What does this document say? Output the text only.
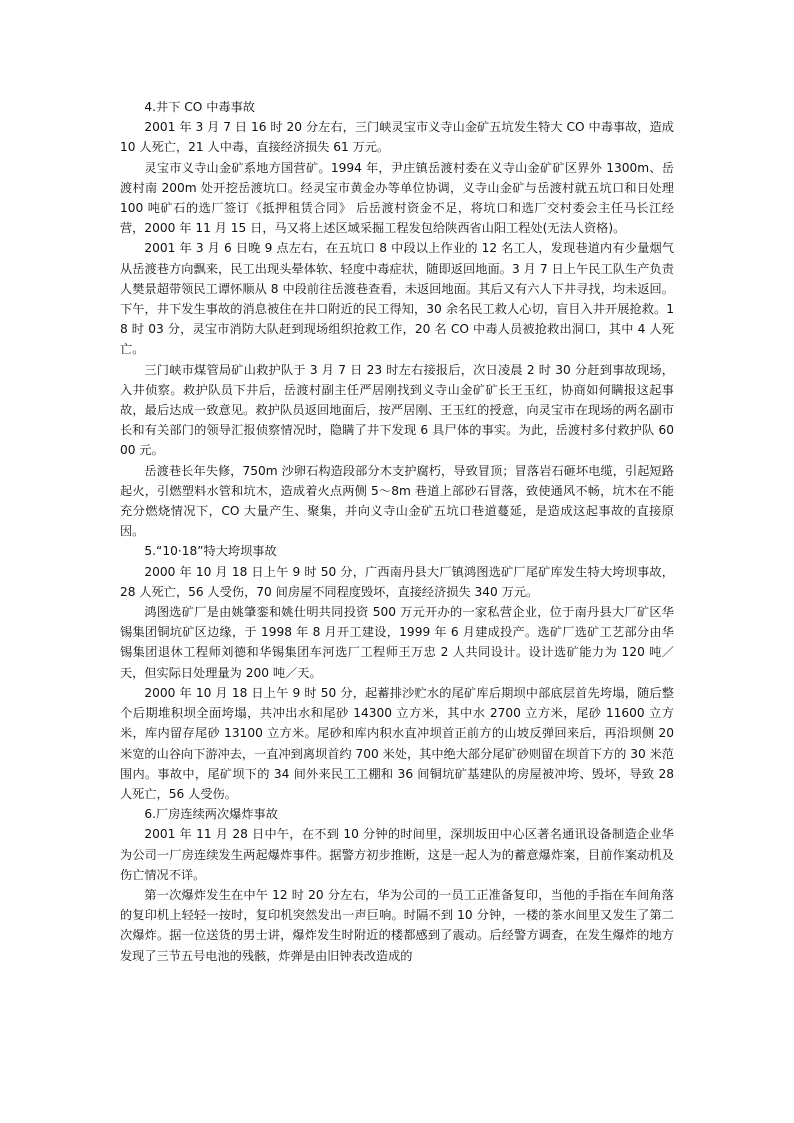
4.井下 CO 中毒事故

2001 年 3 月 7 日 16 时 20 分左右，三门峡灵宝市义寺山金矿五坑发生特大 CO 中毒事故，造成 10 人死亡，21 人中毒，直接经济损失 61 万元。

灵宝市义寺山金矿系地方国营矿。1994 年，尹庄镇岳渡村委在义寺山金矿矿区界外 1300m、岳渡村南 200m 处开挖岳渡坑口。经灵宝市黄金办等单位协调，义寺山金矿与岳渡村就五坑口和日处理 100 吨矿石的选厂签订《抵押租赁合同》 后岳渡村资金不足，将坑口和选厂交村委会主任马长江经营，2000 年 11 月 15 日，马又将上述区域采掘工程发包给陕西省山阳工程处(无法人资格)。

2001 年 3 月 6 日晚 9 点左右，在五坑口 8 中段以上作业的 12 名工人，发现巷道内有少量烟气从岳渡巷方向飘来，民工出现头晕体软、轻度中毒症状，随即返回地面。3 月 7 日上午民工队生产负责人樊景超带领民工谭怀顺从 8 中段前往岳渡巷查看，未返回地面。其后又有六人下井寻找，均未返回。下午，井下发生事故的消息被住在井口附近的民工得知，30 余名民工救人心切，盲目入井开展抢救。18 时 03 分，灵宝市消防大队赶到现场组织抢救工作，20 名 CO 中毒人员被抢救出洞口，其中 4 人死亡。

三门峡市煤管局矿山救护队于 3 月 7 日 23 时左右接报后，次日凌晨 2 时 30 分赶到事故现场，入井侦察。救护队员下井后，岳渡村副主任严居刚找到义寺山金矿矿长王玉红，协商如何瞒报这起事故，最后达成一致意见。救护队员返回地面后，按严居刚、王玉红的授意，向灵宝市在现场的两名副市长和有关部门的领导汇报侦察情况时，隐瞒了井下发现 6 具尸体的事实。为此，岳渡村多付救护队 6000 元。

岳渡巷长年失修，750m 沙卵石构造段部分木支护腐朽，导致冒顶；冒落岩石砸坏电缆，引起短路起火，引燃塑料水管和坑木，造成着火点两侧 5～8m 巷道上部砂石冒落，致使通风不畅，坑木在不能充分燃烧情况下，CO 大量产生、聚集，并向义寺山金矿五坑口巷道蔓延，是造成这起事故的直接原因。

5.“10·18”特大垮坝事故

2000 年 10 月 18 日上午 9 时 50 分，广西南丹县大厂镇鸿图选矿厂尾矿库发生特大垮坝事故，28 人死亡，56 人受伤，70 间房屋不同程度毁坏，直接经济损失 340 万元。

鸿图选矿厂是由姚肇銮和姚仕明共同投资 500 万元开办的一家私营企业，位于南丹县大厂矿区华锡集团铜坑矿区边缘，于 1998 年 8 月开工建设，1999 年 6 月建成投产。选矿厂选矿工艺部分由华锡集团退休工程师刘德和华锡集团车河选厂工程师王万忠 2 人共同设计。设计选矿能力为 120 吨／天，但实际日处理量为 200 吨／天。

2000 年 10 月 18 日上午 9 时 50 分，起蓄排沙贮水的尾矿库后期坝中部底层首先垮塌，随后整个后期堆积坝全面垮塌，共冲出水和尾砂 14300 立方米，其中水 2700 立方米，尾砂 11600 立方米，库内留存尾砂 13100 立方米。尾砂和库内积水直冲坝首正前方的山坡反弹回来后，再沿坝侧 20 米宽的山谷向下游冲去，一直冲到离坝首约 700 米处，其中绝大部分尾矿砂则留在坝首下方的 30 米范围内。事故中，尾矿坝下的 34 间外来民工工棚和 36 间铜坑矿基建队的房屋被冲垮、毁坏，导致 28 人死亡，56 人受伤。

6.厂房连续两次爆炸事故

2001 年 11 月 28 日中午，在不到 10 分钟的时间里，深圳坂田中心区著名通讯设备制造企业华为公司一厂房连续发生两起爆炸事件。据警方初步推断，这是一起人为的蓄意爆炸案，目前作案动机及伤亡情况不详。

第一次爆炸发生在中午 12 时 20 分左右，华为公司的一员工正准备复印，当他的手指在车间角落的复印机上轻轻一按时，复印机突然发出一声巨响。时隔不到 10 分钟，一楼的茶水间里又发生了第二次爆炸。据一位送货的男士讲，爆炸发生时附近的楼都感到了震动。后经警方调查，在发生爆炸的地方发现了三节五号电池的残骸，炸弹是由旧钟表改造成的
